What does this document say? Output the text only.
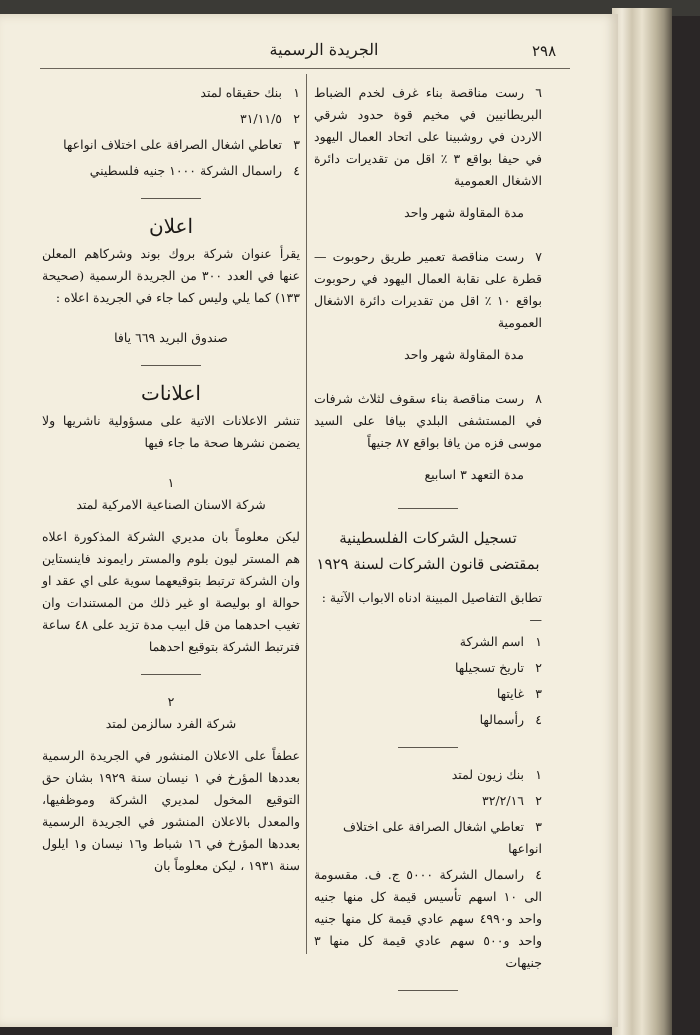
الجريدة الرسمية	٢٩٨
٦رست مناقصة بناء غرف لخدم الضباط البريطانيين في مخيم قوة حدود شرقي الاردن في روشبينا على اتحاد العمال اليهود في حيفا بواقع ٣ ٪ اقل من تقديرات دائرة الاشغال العمومية
مدة المقاولة شهر واحد
٧رست مناقصة تعمير طريق رحوبوت — قطرة على نقابة العمال اليهود في رحوبوت بواقع ١٠ ٪ اقل من تقديرات دائرة الاشغال العمومية
مدة المقاولة شهر واحد
٨رست مناقصة بناء سقوف لثلاث شرفات في المستشفى البلدي بيافا على السيد موسى فزه من يافا بواقع ٨٧ جنيهاً
مدة التعهد ٣ اسابيع
تسجيل الشركات الفلسطينية بمقتضى قانون الشركات لسنة ١٩٢٩
تطابق التفاصيل المبينة ادناه الابواب الآتية : —
١اسم الشركة
٢تاريخ تسجيلها
٣غايتها
٤رأسمالها
١بنك زيون لمتد
٢٣٢/٢/١٦
٣تعاطي اشغال الصرافة على اختلاف انواعها
٤راسمال الشركة ٥٠٠٠ ج. ف. مقسومة الى ١٠ اسهم تأسيس قيمة كل منها جنيه واحد و٤٩٩٠ سهم عادي قيمة كل منها جنيه واحد و٥٠٠ سهم عادي قيمة كل منها ٣ جنيهات
١بنك حقيقاه لمتد
٢٣١/١١/٥
٣تعاطي اشغال الصرافة على اختلاف انواعها
٤راسمال الشركة ١٠٠٠ جنيه فلسطيني
اعلان
يقرأ عنوان شركة بروك بوند وشركاهم المعلن عنها في العدد ٣٠٠ من الجريدة الرسمية (صحيحة ١٣٣) كما يلي وليس كما جاء في الجريدة اعلاه :
صندوق البريد ٦٦٩ يافا
اعلانات
تنشر الاعلانات الاتية على مسؤولية ناشريها ولا يضمن نشرها صحة ما جاء فيها
١
شركة الاسنان الصناعية الامركية لمتد
ليكن معلوماً بان مديري الشركة المذكورة اعلاه هم المستر ليون بلوم والمستر رايموند فاينستاين وان الشركة ترتبط بتوقيعهما سوية على اي عقد او حوالة او بوليصة او غير ذلك من المستندات وان تغيب احدهما من قل ابيب مدة تزيد على ٤٨ ساعة فترتبط الشركة بتوقيع احدهما
٢
شركة الفرد سالزمن لمتد
عطفاً على الاعلان المنشور في الجريدة الرسمية بعددها المؤرخ في ١ نيسان سنة ١٩٢٩ بشان حق التوقيع المخول لمديري الشركة وموظفيها، والمعدل بالاعلان المنشور في الجريدة الرسمية بعددها المؤرخ في ١٦ شباط و١٦ نيسان و١ ايلول سنة ١٩٣١ ، ليكن معلوماً بان
